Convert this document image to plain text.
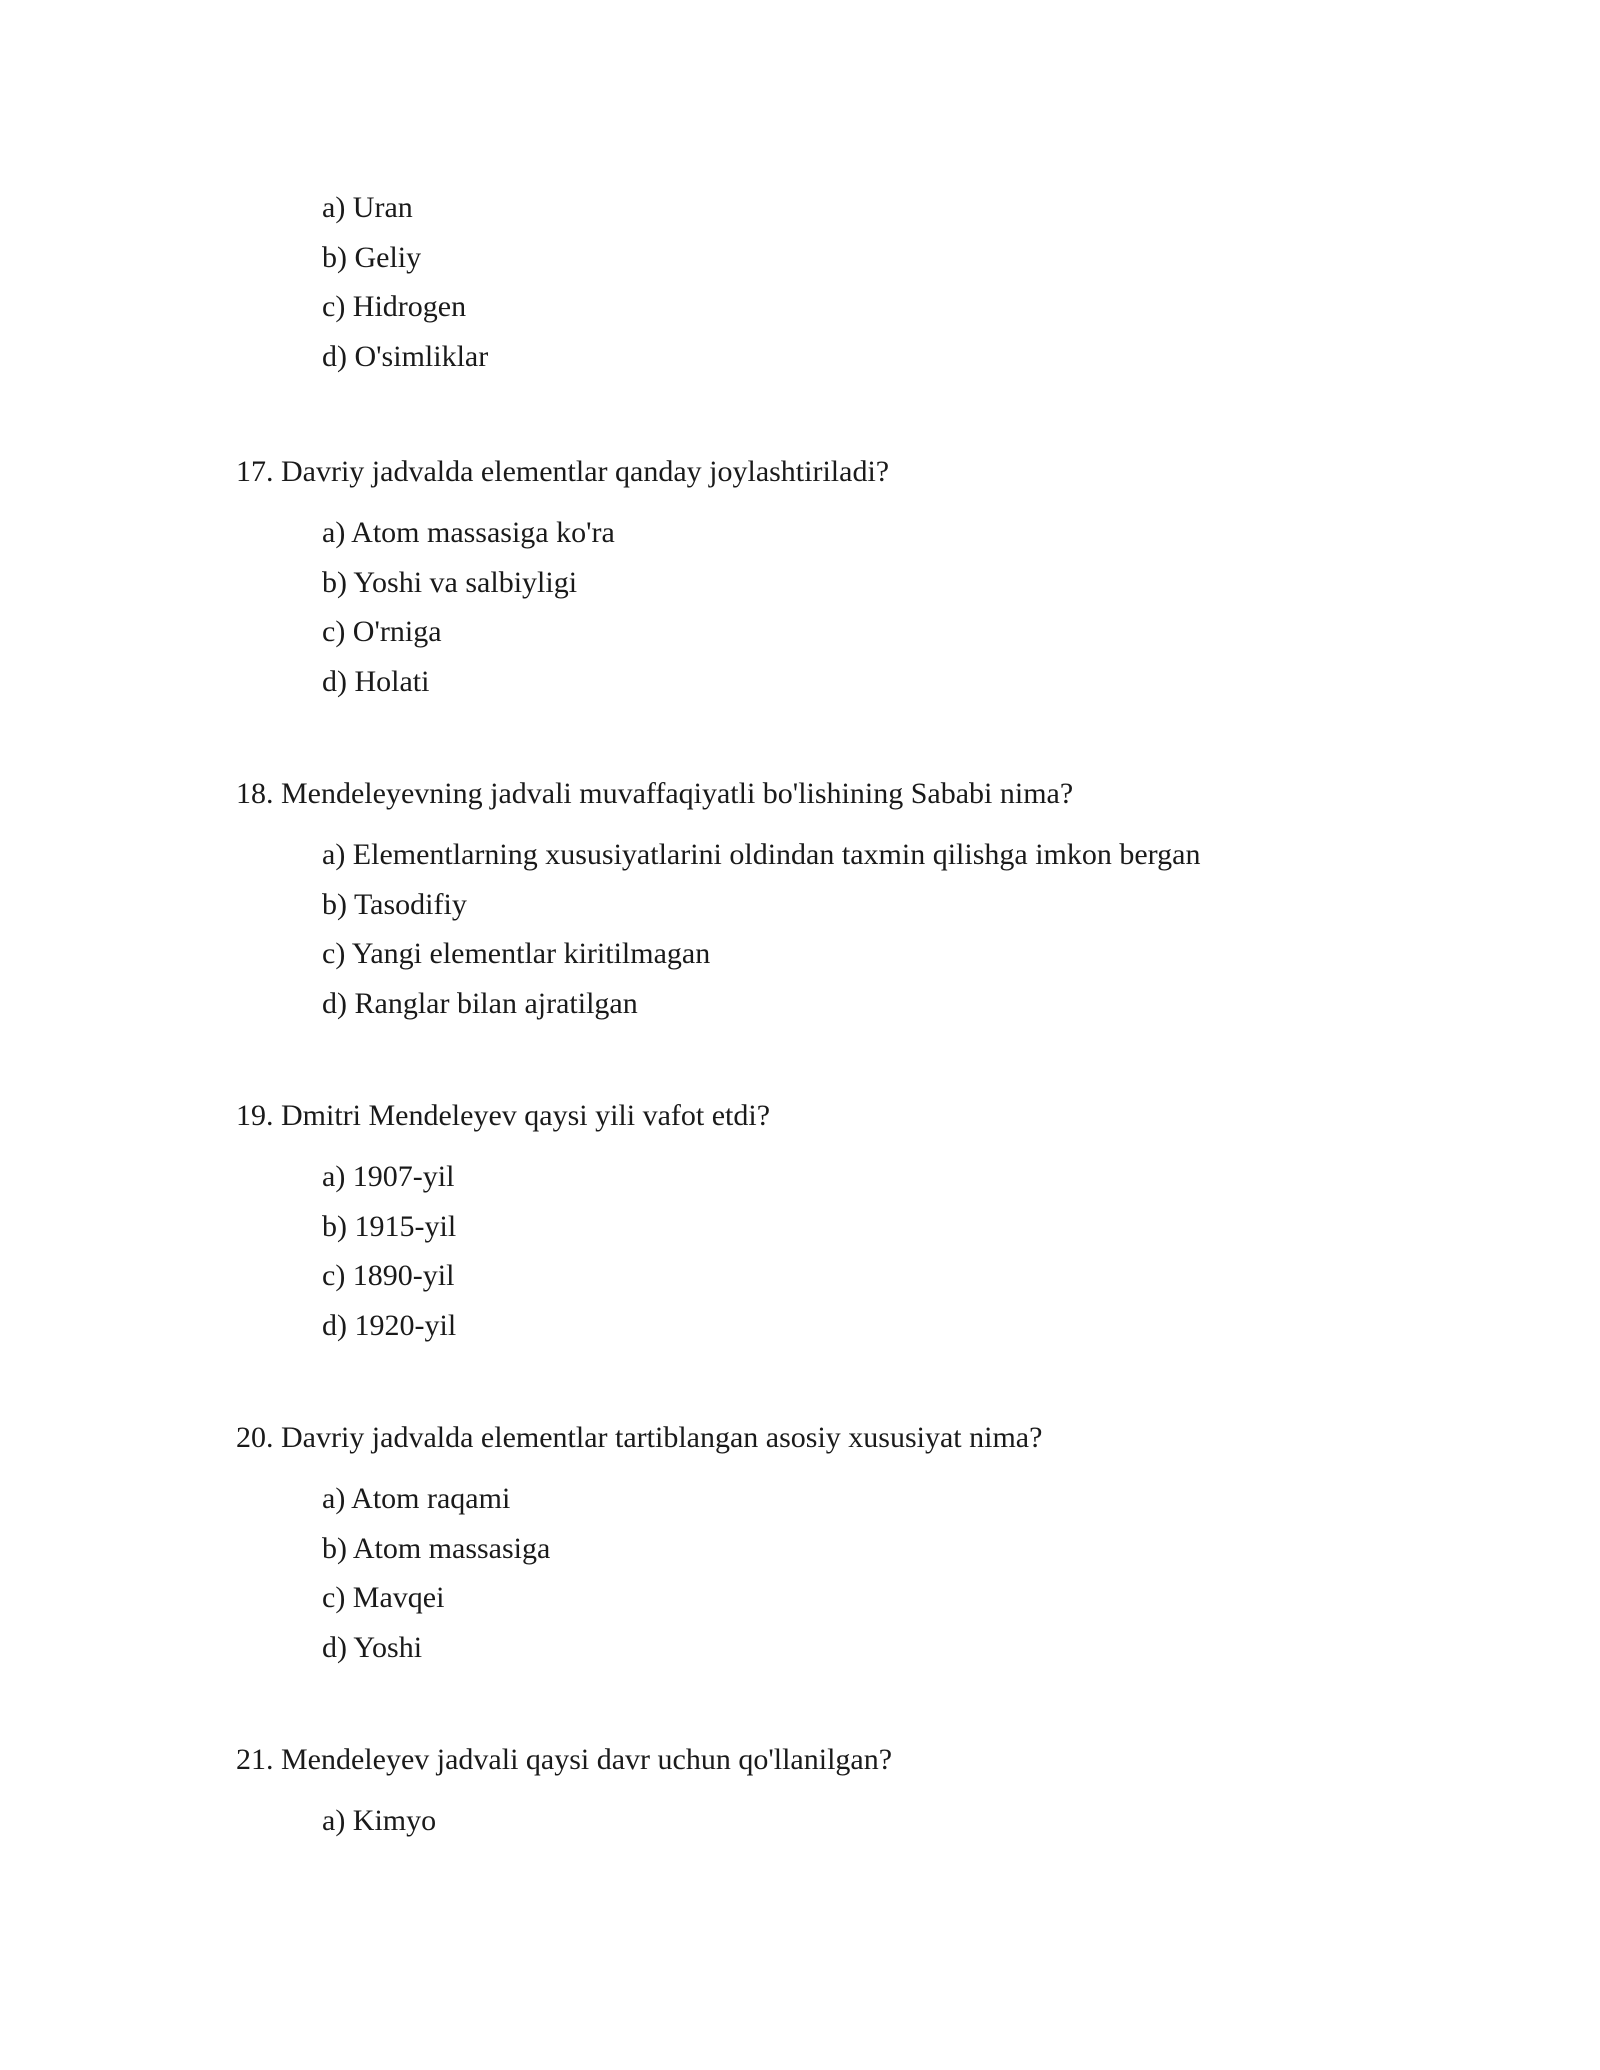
a) Uran
b) Geliy
c) Hidrogen
d) O'simliklar

17. Davriy jadvalda elementlar qanday joylashtiriladi?

a) Atom massasiga ko'ra
b) Yoshi va salbiyligi
c) O'rniga
d) Holati

18. Mendeleyevning jadvali muvaffaqiyatli bo'lishining Sababi nima?

a) Elementlarning xususiyatlarini oldindan taxmin qilishga imkon bergan
b) Tasodifiy
c) Yangi elementlar kiritilmagan
d) Ranglar bilan ajratilgan

19. Dmitri Mendeleyev qaysi yili vafot etdi?

a) 1907-yil
b) 1915-yil
c) 1890-yil
d) 1920-yil

20. Davriy jadvalda elementlar tartiblangan asosiy xususiyat nima?

a) Atom raqami
b) Atom massasiga
c) Mavqei
d) Yoshi

21. Mendeleyev jadvali qaysi davr uchun qo'llanilgan?

a) Kimyo
